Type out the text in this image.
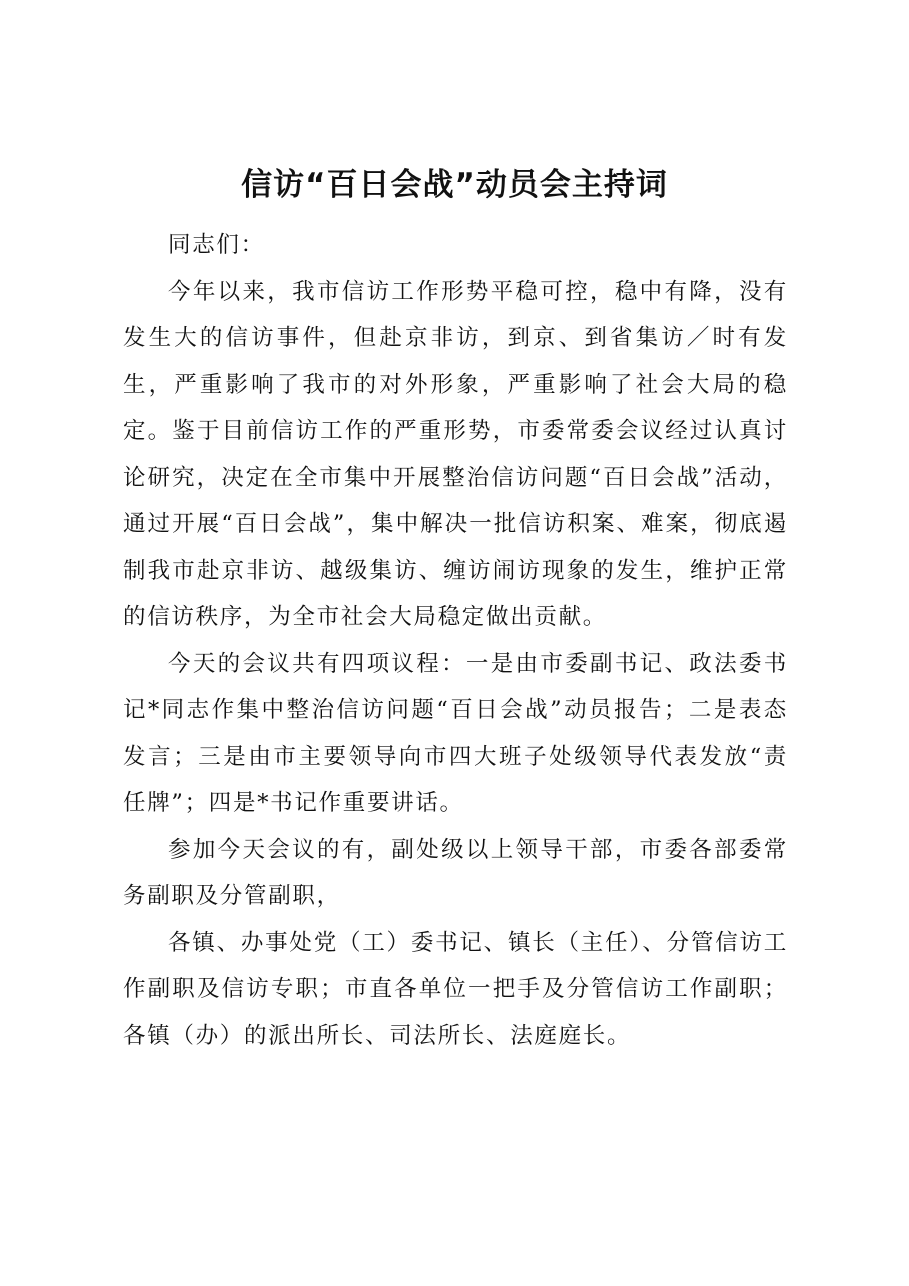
信访“百日会战”动员会主持词

同志们：

今年以来，我市信访工作形势平稳可控，稳中有降，没有发生大的信访事件，但赴京非访，到京、到省集访／时有发生，严重影响了我市的对外形象，严重影响了社会大局的稳定。鉴于目前信访工作的严重形势，市委常委会议经过认真讨论研究，决定在全市集中开展整治信访问题“百日会战”活动，通过开展“百日会战”，集中解决一批信访积案、难案，彻底遏制我市赴京非访、越级集访、缠访闹访现象的发生，维护正常的信访秩序，为全市社会大局稳定做出贡献。

今天的会议共有四项议程：一是由市委副书记、政法委书记*同志作集中整治信访问题“百日会战”动员报告；二是表态发言；三是由市主要领导向市四大班子处级领导代表发放“责任牌”；四是*书记作重要讲话。

参加今天会议的有，副处级以上领导干部，市委各部委常务副职及分管副职，

各镇、办事处党（工）委书记、镇长（主任）、分管信访工作副职及信访专职；市直各单位一把手及分管信访工作副职；各镇（办）的派出所长、司法所长、法庭庭长。
